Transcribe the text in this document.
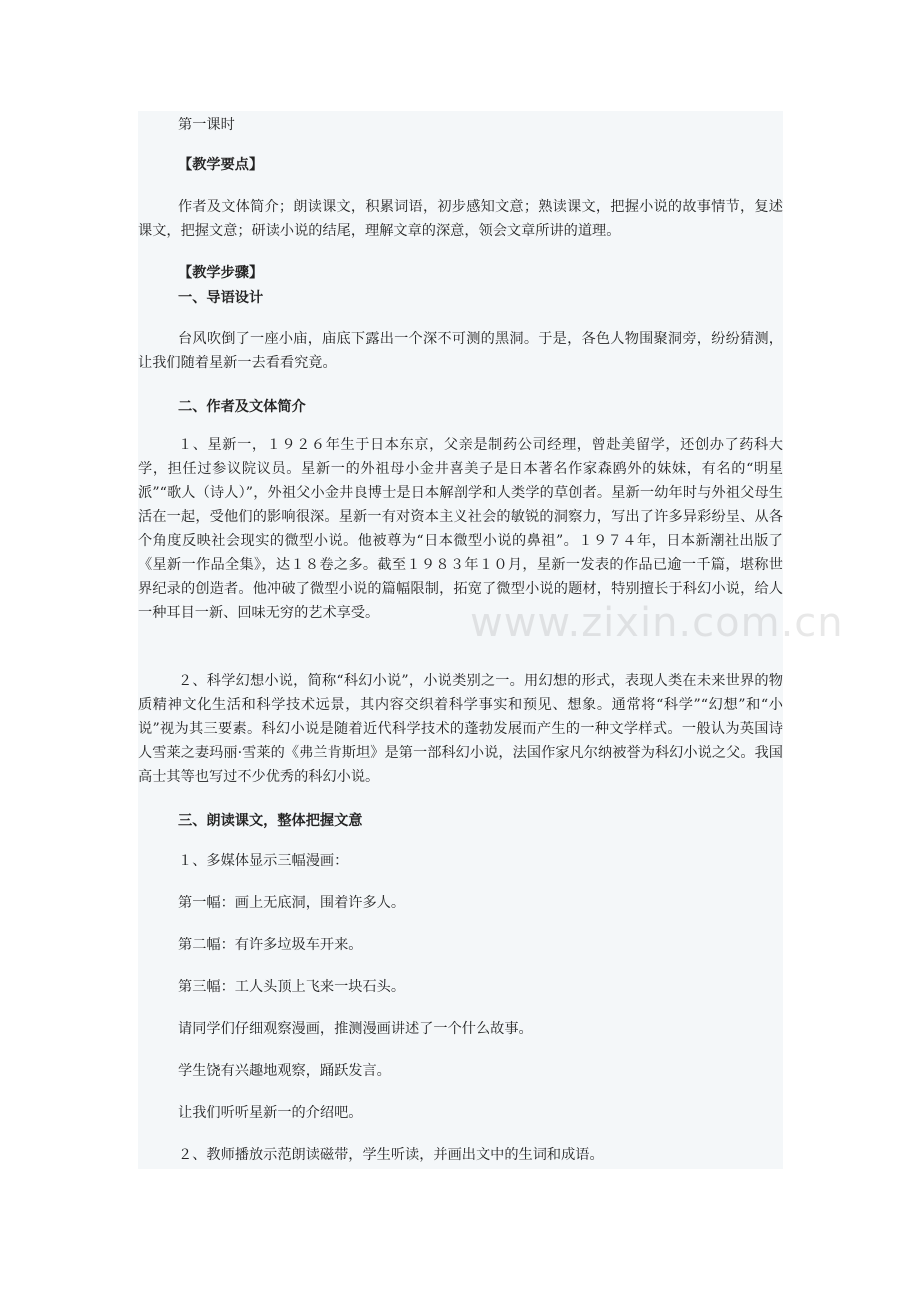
第一课时
【教学要点】
作者及文体简介；朗读课文，积累词语，初步感知文意；熟读课文，把握小说的故事情节，复述课文，把握文意；研读小说的结尾，理解文章的深意，领会文章所讲的道理。
【教学步骤】
一、导语设计
台风吹倒了一座小庙，庙底下露出一个深不可测的黑洞。于是，各色人物围聚洞旁，纷纷猜测，让我们随着星新一去看看究竟。
二、作者及文体简介
１、星新一，１９２６年生于日本东京，父亲是制药公司经理，曾赴美留学，还创办了药科大学，担任过参议院议员。星新一的外祖母小金井喜美子是日本著名作家森鸥外的妹妹，有名的“明星派”“歌人（诗人）”，外祖父小金井良博士是日本解剖学和人类学的草创者。星新一幼年时与外祖父母生活在一起，受他们的影响很深。星新一有对资本主义社会的敏锐的洞察力，写出了许多异彩纷呈、从各个角度反映社会现实的微型小说。他被尊为“日本微型小说的鼻祖”。１９７４年，日本新潮社出版了《星新一作品全集》，达１８卷之多。截至１９８３年１０月，星新一发表的作品已逾一千篇，堪称世界纪录的创造者。他冲破了微型小说的篇幅限制，拓宽了微型小说的题材，特别擅长于科幻小说，给人一种耳目一新、回味无穷的艺术享受。
２、科学幻想小说，简称“科幻小说”，小说类别之一。用幻想的形式，表现人类在未来世界的物质精神文化生活和科学技术远景，其内容交织着科学事实和预见、想象。通常将“科学”“幻想”和“小说”视为其三要素。科幻小说是随着近代科学技术的蓬勃发展而产生的一种文学样式。一般认为英国诗人雪莱之妻玛丽·雪莱的《弗兰肯斯坦》是第一部科幻小说，法国作家凡尔纳被誉为科幻小说之父。我国高士其等也写过不少优秀的科幻小说。
三、朗读课文，整体把握文意
１、多媒体显示三幅漫画：
第一幅：画上无底洞，围着许多人。
第二幅：有许多垃圾车开来。
第三幅：工人头顶上飞来一块石头。
请同学们仔细观察漫画，推测漫画讲述了一个什么故事。
学生饶有兴趣地观察，踊跃发言。
让我们听听星新一的介绍吧。
２、教师播放示范朗读磁带，学生听读，并画出文中的生词和成语。
www.zixin.com.cn
